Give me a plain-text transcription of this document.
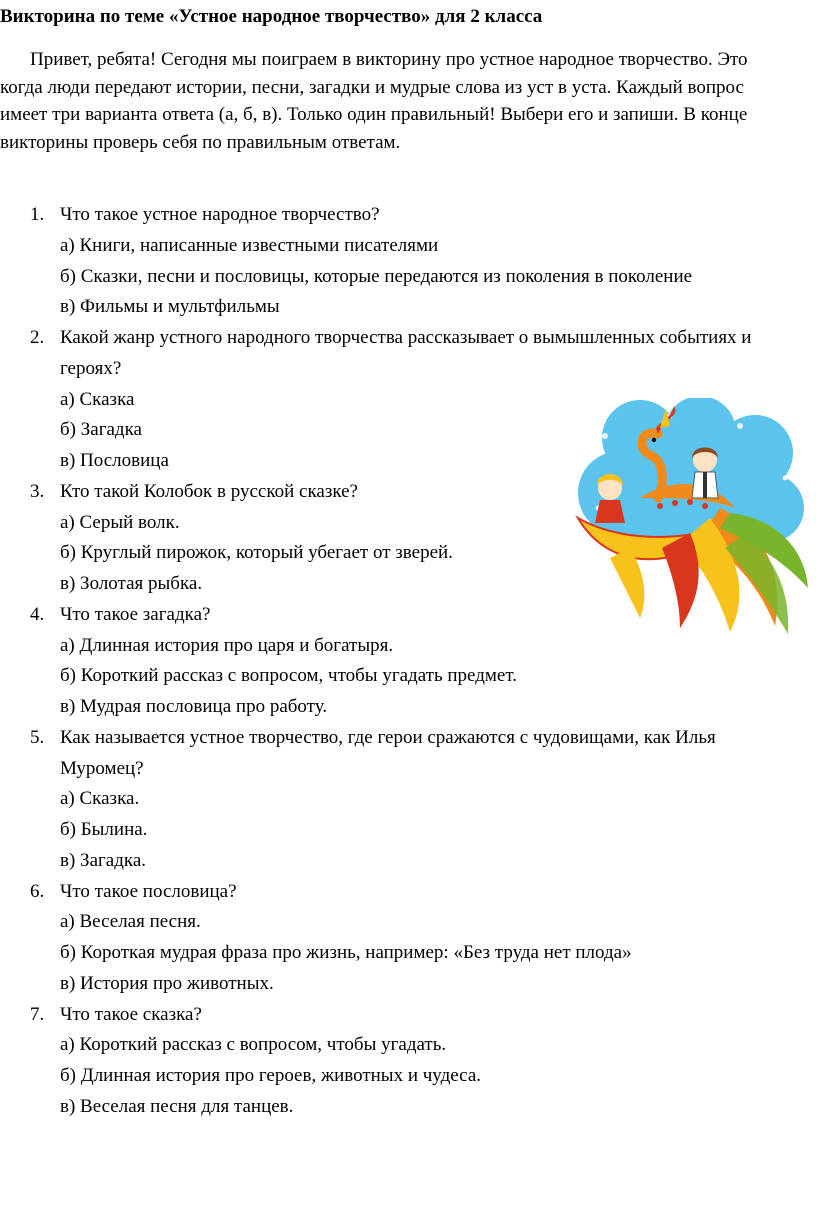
Викторина по теме «Устное народное творчество» для 2 класса

Привет, ребята! Сегодня мы поиграем в викторину про устное народное творчество. Это когда люди передают истории, песни, загадки и мудрые слова из уст в уста. Каждый вопрос имеет три варианта ответа (а, б, в). Только один правильный! Выбери его и запиши. В конце викторины проверь себя по правильным ответам.

1. Что такое устное народное творчество?
а) Книги, написанные известными писателями
б) Сказки, песни и пословицы, которые передаются из поколения в поколение
в) Фильмы и мультфильмы
2. Какой жанр устного народного творчества рассказывает о вымышленных событиях и героях?
а) Сказка
б) Загадка
в) Пословица
3. Кто такой Колобок в русской сказке?
а) Серый волк.
б) Круглый пирожок, который убегает от зверей.
в) Золотая рыбка.
4. Что такое загадка?
а) Длинная история про царя и богатыря.
б) Короткий рассказ с вопросом, чтобы угадать предмет.
в) Мудрая пословица про работу.
5. Как называется устное творчество, где герои сражаются с чудовищами, как Илья Муромец?
а) Сказка.
б) Былина.
в) Загадка.
6. Что такое пословица?
а) Веселая песня.
б) Короткая мудрая фраза про жизнь, например: «Без труда нет плода»
в) История про животных.
7. Что такое сказка?
а) Короткий рассказ с вопросом, чтобы угадать.
б) Длинная история про героев, животных и чудеса.
в) Веселая песня для танцев.
